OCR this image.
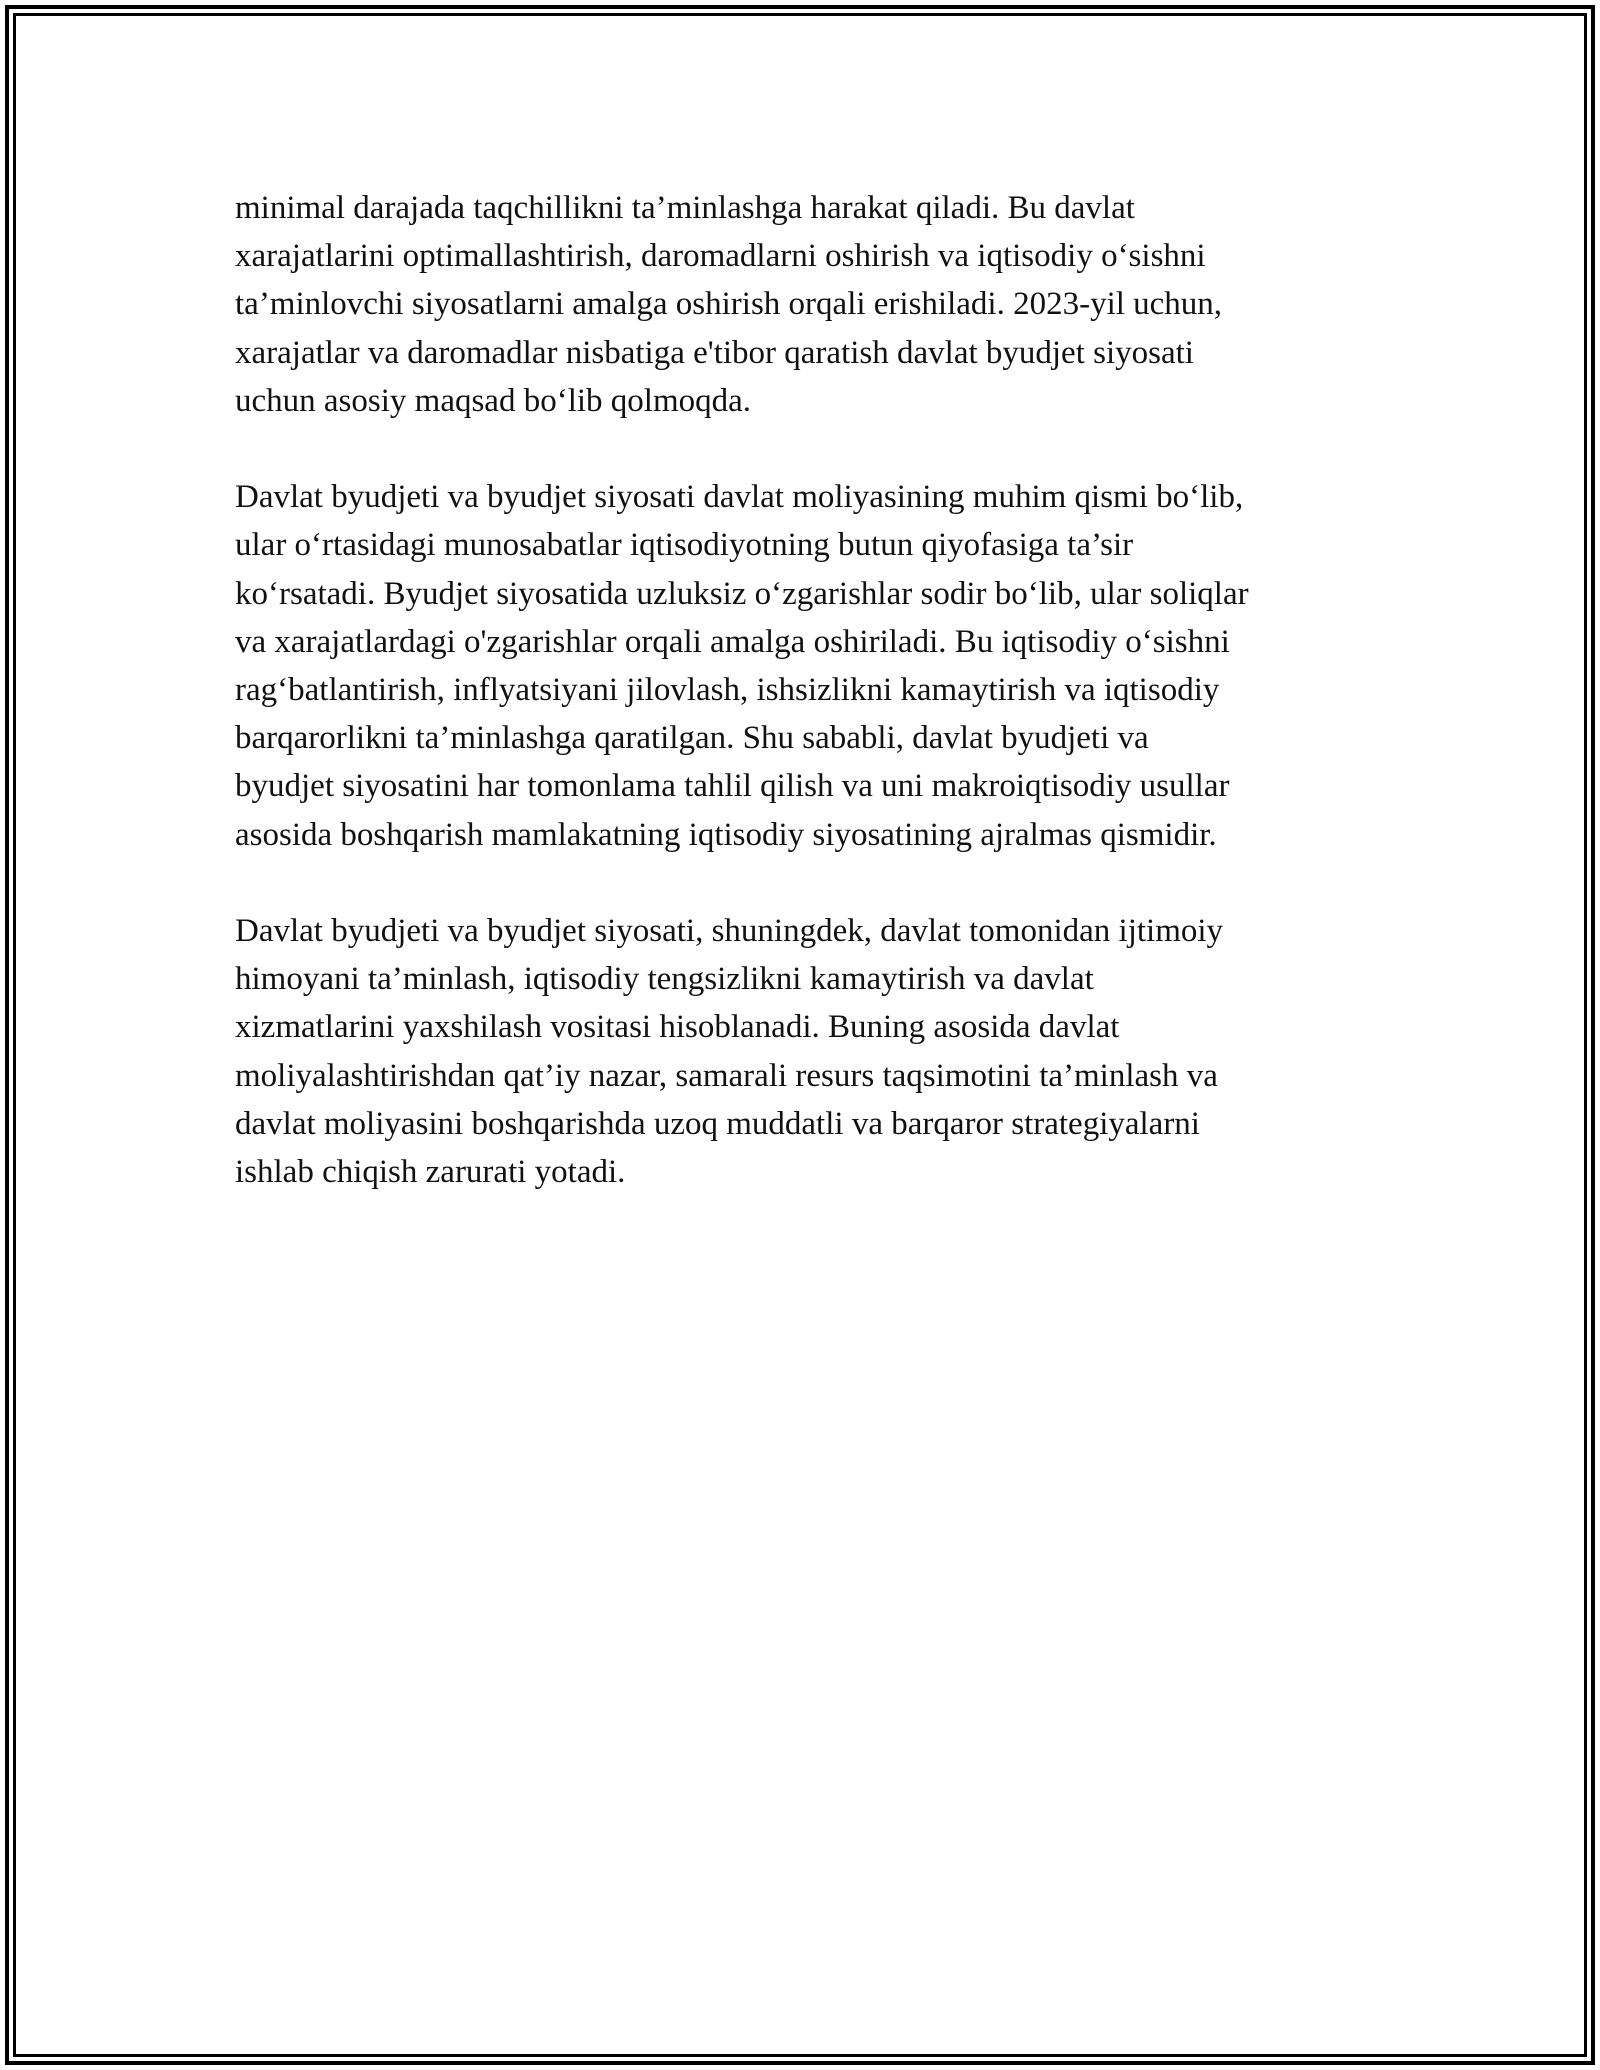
minimal darajada taqchillikni ta’minlashga harakat qiladi. Bu davlat
xarajatlarini optimallashtirish, daromadlarni oshirish va iqtisodiy o‘sishni
ta’minlovchi siyosatlarni amalga oshirish orqali erishiladi. 2023-yil uchun,
xarajatlar va daromadlar nisbatiga e'tibor qaratish davlat byudjet siyosati
uchun asosiy maqsad bo‘lib qolmoqda.

Davlat byudjeti va byudjet siyosati davlat moliyasining muhim qismi bo‘lib,
ular o‘rtasidagi munosabatlar iqtisodiyotning butun qiyofasiga ta’sir
ko‘rsatadi. Byudjet siyosatida uzluksiz o‘zgarishlar sodir bo‘lib, ular soliqlar
va xarajatlardagi o'zgarishlar orqali amalga oshiriladi. Bu iqtisodiy o‘sishni
rag‘batlantirish, inflyatsiyani jilovlash, ishsizlikni kamaytirish va iqtisodiy
barqarorlikni ta’minlashga qaratilgan. Shu sababli, davlat byudjeti va
byudjet siyosatini har tomonlama tahlil qilish va uni makroiqtisodiy usullar
asosida boshqarish mamlakatning iqtisodiy siyosatining ajralmas qismidir.

Davlat byudjeti va byudjet siyosati, shuningdek, davlat tomonidan ijtimoiy
himoyani ta’minlash, iqtisodiy tengsizlikni kamaytirish va davlat
xizmatlarini yaxshilash vositasi hisoblanadi. Buning asosida davlat
moliyalashtirishdan qat’iy nazar, samarali resurs taqsimotini ta’minlash va
davlat moliyasini boshqarishda uzoq muddatli va barqaror strategiyalarni
ishlab chiqish zarurati yotadi.
